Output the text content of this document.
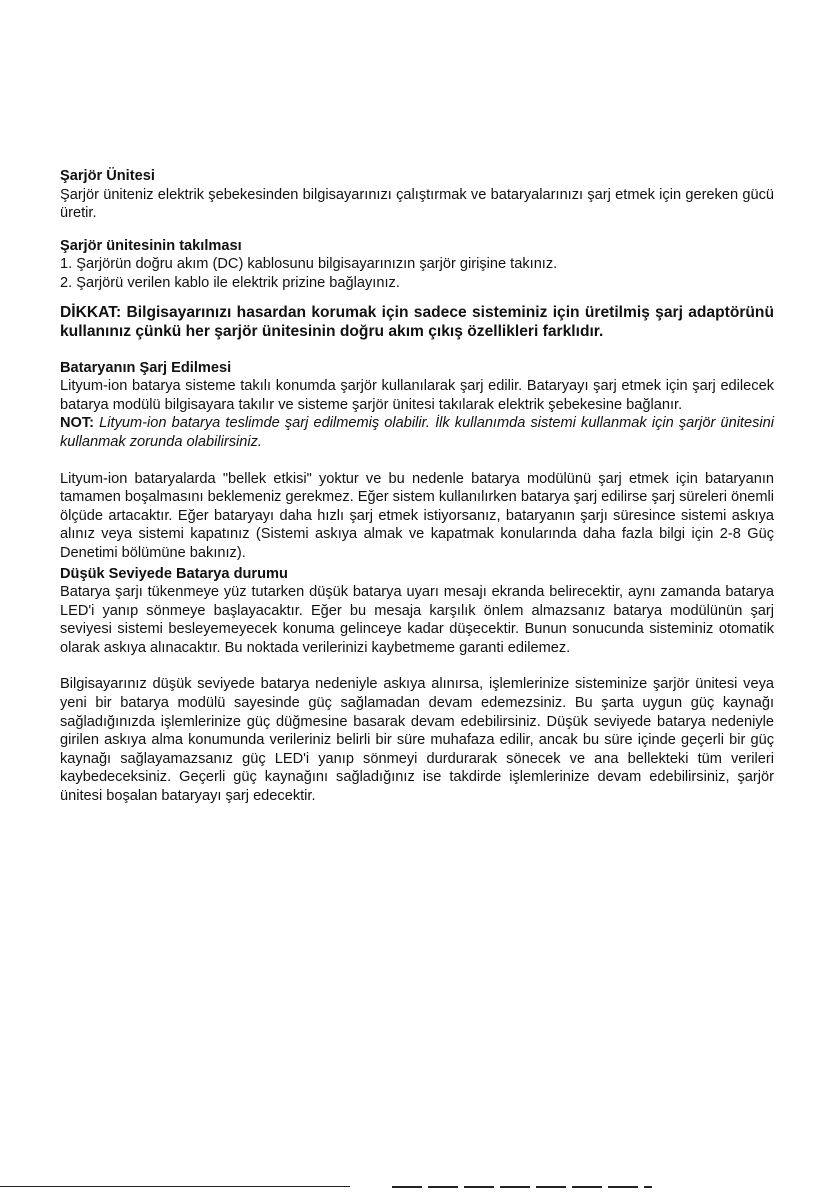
Şarjör Ünitesi

Şarjör üniteniz elektrik şebekesinden bilgisayarınızı çalıştırmak ve bataryalarınızı şarj etmek için gereken gücü üretir.

Şarjör ünitesinin takılması
1. Şarjörün doğru akım (DC) kablosunu bilgisayarınızın şarjör girişine takınız.
2. Şarjörü verilen kablo ile elektrik prizine bağlayınız.

DİKKAT: Bilgisayarınızı hasardan korumak için sadece sisteminiz için üretilmiş şarj adaptörünü kullanınız çünkü her şarjör ünitesinin doğru akım çıkış özellikleri farklıdır.

Bataryanın Şarj Edilmesi

Lityum-ion batarya sisteme takılı konumda şarjör kullanılarak şarj edilir. Bataryayı şarj etmek için şarj edilecek batarya modülü bilgisayara takılır ve sisteme şarjör ünitesi takılarak elektrik şebekesine bağlanır.

NOT: Lityum-ion batarya teslimde şarj edilmemiş olabilir. İlk kullanımda sistemi kullanmak için şarjör ünitesini kullanmak zorunda olabilirsiniz.

Lityum-ion bataryalarda "bellek etkisi" yoktur ve bu nedenle batarya modülünü şarj etmek için bataryanın tamamen boşalmasını beklemeniz gerekmez. Eğer sistem kullanılırken batarya şarj edilirse şarj süreleri önemli ölçüde artacaktır. Eğer bataryayı daha hızlı şarj etmek istiyorsanız, bataryanın şarjı süresince sistemi askıya alınız veya sistemi kapatınız (Sistemi askıya almak ve kapatmak konularında daha fazla bilgi için 2-8 Güç Denetimi bölümüne bakınız).

Düşük Seviyede Batarya durumu

Batarya şarjı tükenmeye yüz tutarken düşük batarya uyarı mesajı ekranda belirecektir, aynı zamanda batarya LED'i yanıp sönmeye başlayacaktır. Eğer bu mesaja karşılık önlem almazsanız batarya modülünün şarj seviyesi sistemi besleyemeyecek konuma gelinceye kadar düşecektir. Bunun sonucunda sisteminiz otomatik olarak askıya alınacaktır. Bu noktada verilerinizi kaybetmeme garanti edilemez.

Bilgisayarınız düşük seviyede batarya nedeniyle askıya alınırsa, işlemlerinize sisteminize şarjör ünitesi veya yeni bir batarya modülü sayesinde güç sağlamadan devam edemezsiniz. Bu şarta uygun güç kaynağı sağladığınızda işlemlerinize güç düğmesine basarak devam edebilirsiniz. Düşük seviyede batarya nedeniyle girilen askıya alma konumunda verileriniz belirli bir süre muhafaza edilir, ancak bu süre içinde geçerli bir güç kaynağı sağlayamazsanız güç LED'i yanıp sönmeyi durdurarak sönecek ve ana bellekteki tüm verileri kaybedeceksiniz. Geçerli güç kaynağını sağladığınız ise takdirde işlemlerinize devam edebilirsiniz, şarjör ünitesi boşalan bataryayı şarj edecektir.
